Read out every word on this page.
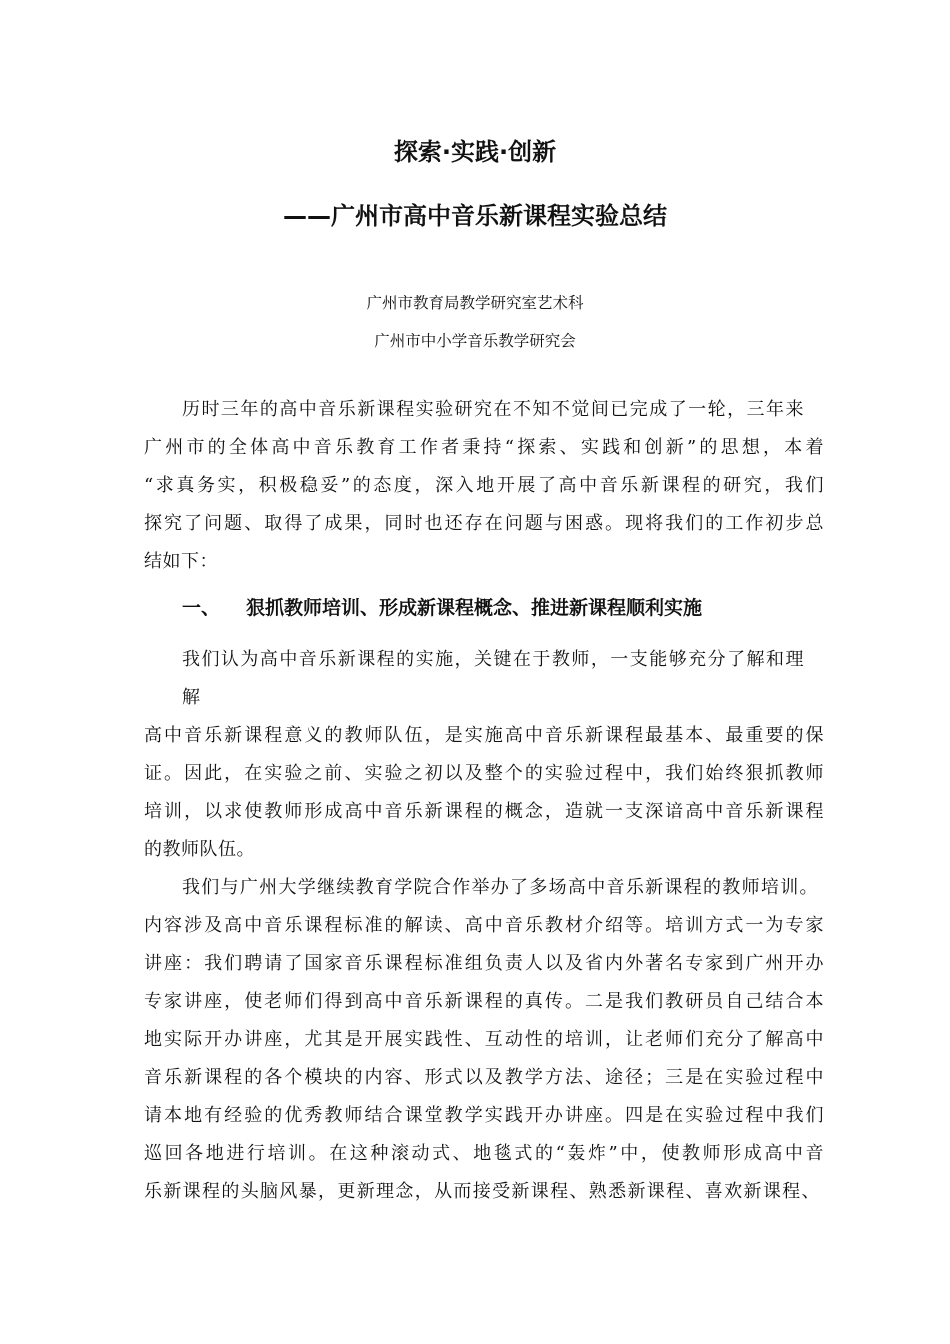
探索·实践·创新
——广州市高中音乐新课程实验总结
广州市教育局教学研究室艺术科
广州市中小学音乐教学研究会
历时三年的高中音乐新课程实验研究在不知不觉间已完成了一轮，三年来
广州市的全体高中音乐教育工作者秉持“探索、实践和创新”的思想，本着
“求真务实，积极稳妥”的态度，深入地开展了高中音乐新课程的研究，我们
探究了问题、取得了成果，同时也还存在问题与困惑。现将我们的工作初步总
结如下：
一、 狠抓教师培训、形成新课程概念、推进新课程顺利实施
我们认为高中音乐新课程的实施，关键在于教师，一支能够充分了解和理
解
高中音乐新课程意义的教师队伍，是实施高中音乐新课程最基本、最重要的保
证。因此，在实验之前、实验之初以及整个的实验过程中，我们始终狠抓教师
培训，以求使教师形成高中音乐新课程的概念，造就一支深谙高中音乐新课程
的教师队伍。
我们与广州大学继续教育学院合作举办了多场高中音乐新课程的教师培训。
内容涉及高中音乐课程标准的解读、高中音乐教材介绍等。培训方式一为专家
讲座：我们聘请了国家音乐课程标准组负责人以及省内外著名专家到广州开办
专家讲座，使老师们得到高中音乐新课程的真传。二是我们教研员自己结合本
地实际开办讲座，尤其是开展实践性、互动性的培训，让老师们充分了解高中
音乐新课程的各个模块的内容、形式以及教学方法、途径；三是在实验过程中
请本地有经验的优秀教师结合课堂教学实践开办讲座。四是在实验过程中我们
巡回各地进行培训。在这种滚动式、地毯式的“轰炸”中，使教师形成高中音
乐新课程的头脑风暴，更新理念，从而接受新课程、熟悉新课程、喜欢新课程、
